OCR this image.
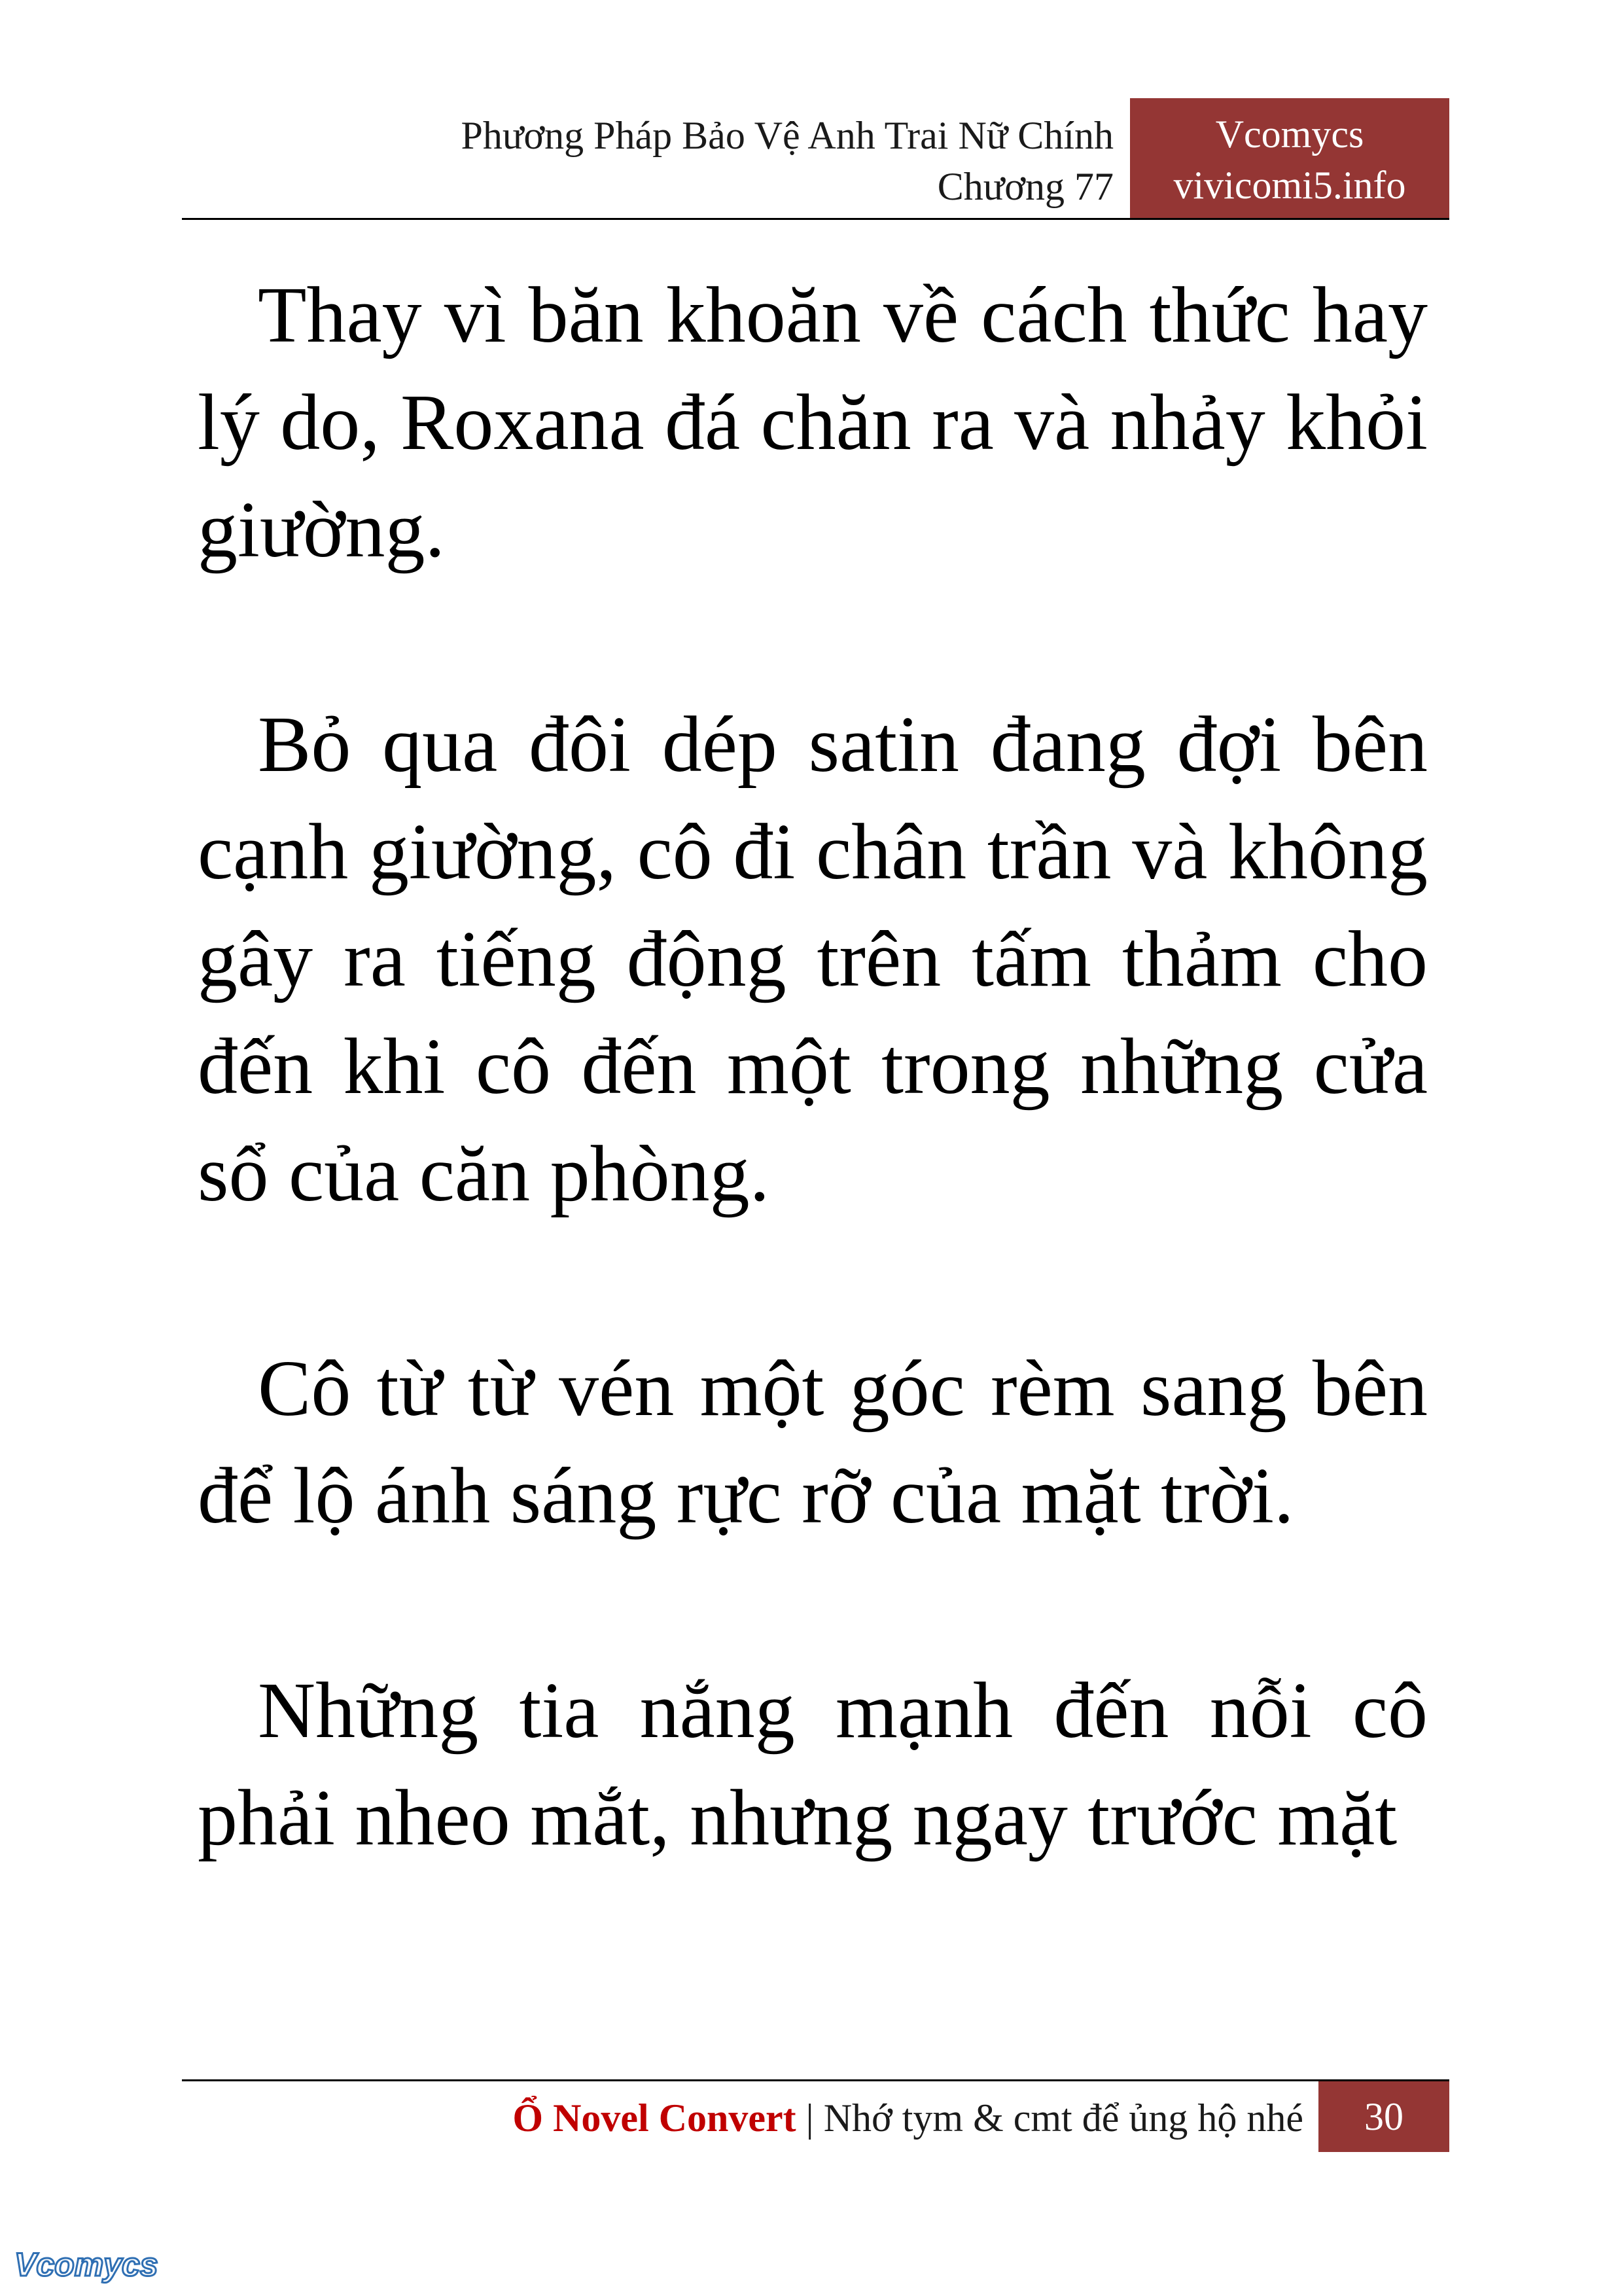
Phương Pháp Bảo Vệ Anh Trai Nữ Chính
Chương 77
Vcomycs
vivicomi5.info

Thay vì băn khoăn về cách thức hay lý do, Roxana đá chăn ra và nhảy khỏi giường.

Bỏ qua đôi dép satin đang đợi bên cạnh giường, cô đi chân trần và không gây ra tiếng động trên tấm thảm cho đến khi cô đến một trong những cửa sổ của căn phòng.

Cô từ từ vén một góc rèm sang bên để lộ ánh sáng rực rỡ của mặt trời.

Những tia nắng mạnh đến nỗi cô phải nheo mắt, nhưng ngay trước mặt

Ổ Novel Convert | Nhớ tym & cmt để ủng hộ nhé	30
Vcomycs
